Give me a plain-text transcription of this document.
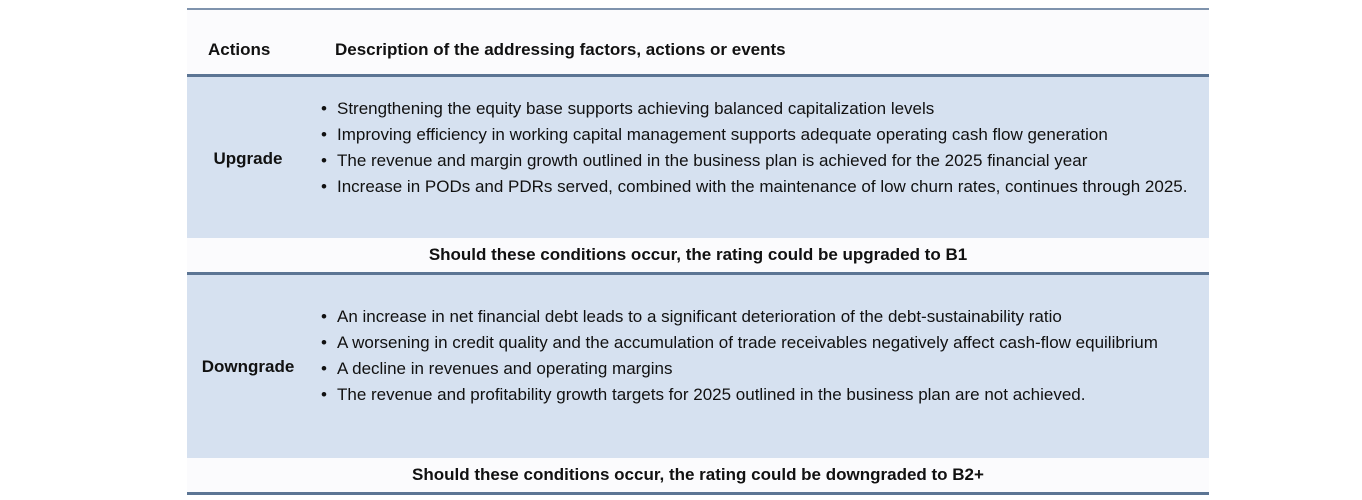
Actions	Description of the addressing factors, actions or events
Upgrade
• Strengthening the equity base supports achieving balanced capitalization levels
• Improving efficiency in working capital management supports adequate operating cash flow generation
• The revenue and margin growth outlined in the business plan is achieved for the 2025 financial year
• Increase in PODs and PDRs served, combined with the maintenance of low churn rates, continues through 2025.
Should these conditions occur, the rating could be upgraded to B1
Downgrade
• An increase in net financial debt leads to a significant deterioration of the debt-sustainability ratio
• A worsening in credit quality and the accumulation of trade receivables negatively affect cash-flow equilibrium
• A decline in revenues and operating margins
• The revenue and profitability growth targets for 2025 outlined in the business plan are not achieved.
Should these conditions occur, the rating could be downgraded to B2+
